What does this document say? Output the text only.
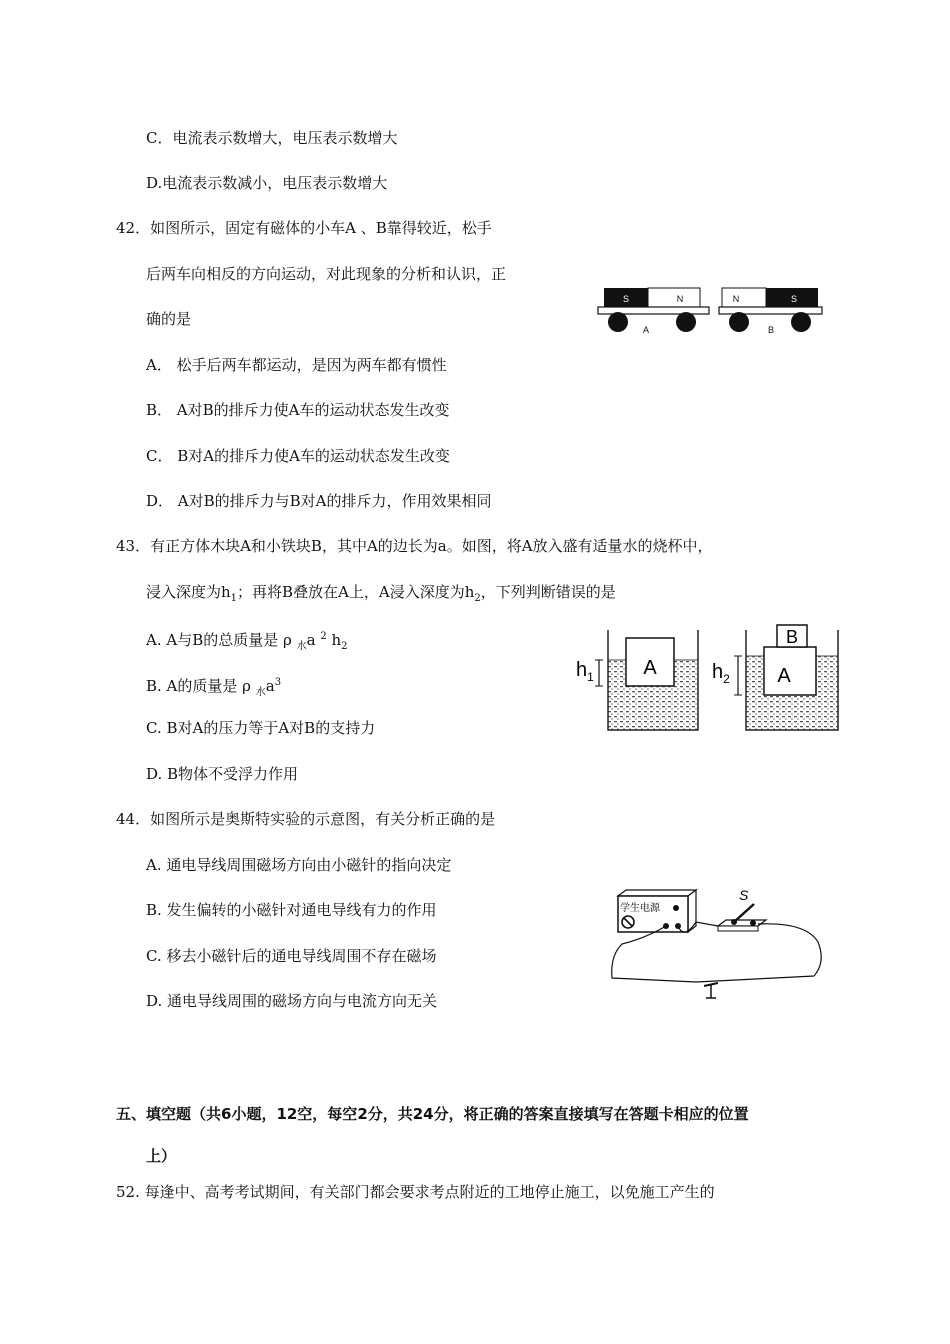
C．电流表示数增大，电压表示数增大
D.电流表示数减小，电压表示数增大
42．如图所示，固定有磁体的小车A 、B靠得较近，松手
后两车向相反的方向运动，对此现象的分析和认识，正
确的是
A． 松手后两车都运动，是因为两车都有惯性
B． A对B的排斥力使A车的运动状态发生改变
C． B对A的排斥力使A车的运动状态发生改变
D． A对B的排斥力与B对A的排斥力，作用效果相同
S	N
A
N	S
B
43．有正方体木块A和小铁块B，其中A的边长为a。如图，将A放入盛有适量水的烧杯中，
浸入深度为$h_1$；再将B叠放在A上，A浸入深度为$h_2$，下列判断错误的是
A. A与B的总质量是 ρ $_水$a $^2$ $h_2$
B. A的质量是 ρ $_水a^3$
C. B对A的压力等于A对B的支持力
D. B物体不受浮力作用
A
$h_1$	A
B
$h_2$
44．如图所示是奥斯特实验的示意图，有关分析正确的是
A. 通电导线周围磁场方向由小磁针的指向决定
B. 发生偏转的小磁针对通电导线有力的作用
C. 移去小磁针后的通电导线周围不存在磁场
D. 通电导线周围的磁场方向与电流方向无关
学生电源
S
五、填空题（共6小题，12空，每空2分，共24分，将正确的答案直接填写在答题卡相应的位置
上）
52. 每逢中、高考考试期间，有关部门都会要求考点附近的工地停止施工，以免施工产生的
